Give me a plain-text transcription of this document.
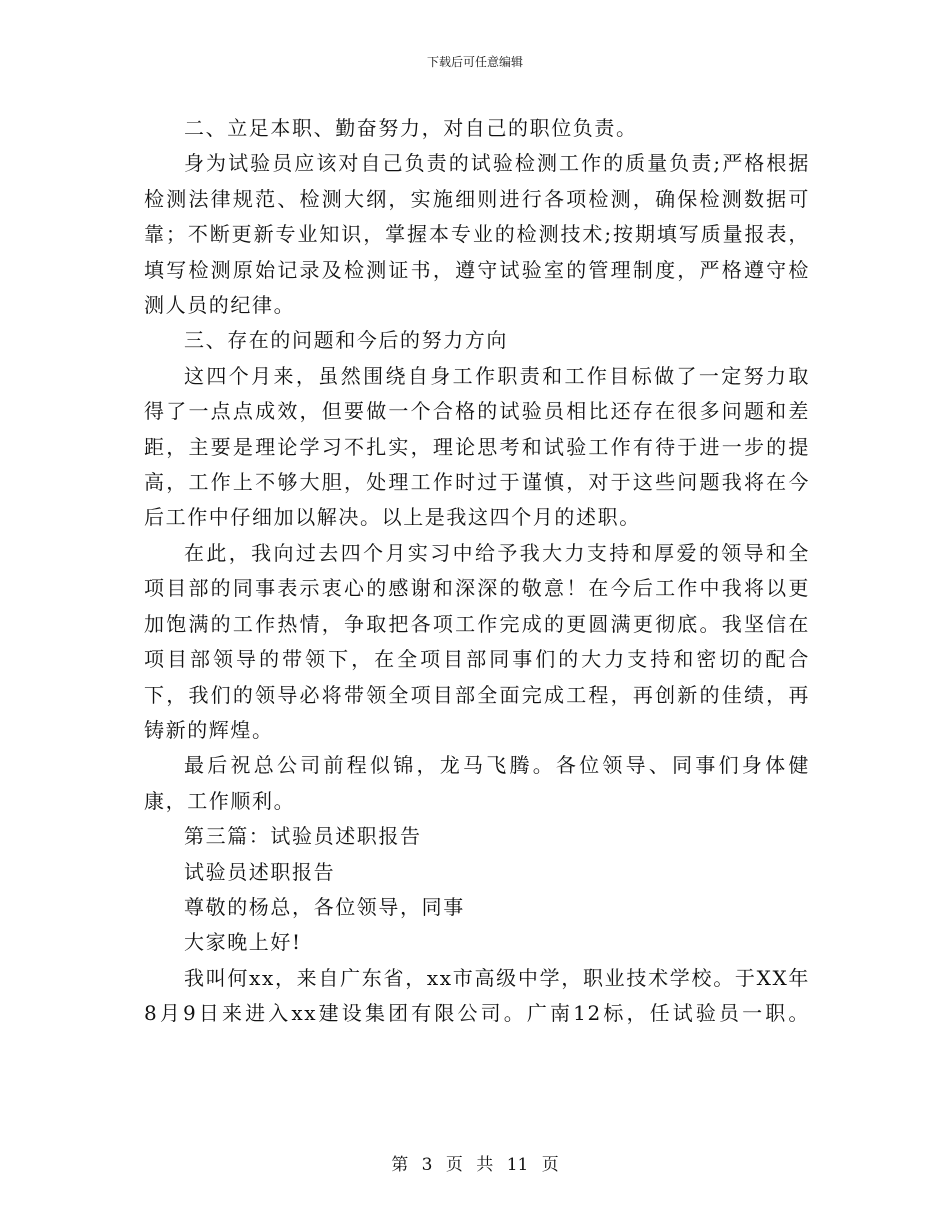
下载后可任意编辑

二、立足本职、勤奋努力，对自己的职位负责。

身为试验员应该对自己负责的试验检测工作的质量负责;严格根据检测法律规范、检测大纲，实施细则进行各项检测，确保检测数据可靠；不断更新专业知识，掌握本专业的检测技术;按期填写质量报表，填写检测原始记录及检测证书，遵守试验室的管理制度，严格遵守检测人员的纪律。

三、存在的问题和今后的努力方向

这四个月来，虽然围绕自身工作职责和工作目标做了一定努力取得了一点点成效，但要做一个合格的试验员相比还存在很多问题和差距，主要是理论学习不扎实，理论思考和试验工作有待于进一步的提高，工作上不够大胆，处理工作时过于谨慎，对于这些问题我将在今后工作中仔细加以解决。以上是我这四个月的述职。

在此，我向过去四个月实习中给予我大力支持和厚爱的领导和全项目部的同事表示衷心的感谢和深深的敬意！在今后工作中我将以更加饱满的工作热情，争取把各项工作完成的更圆满更彻底。我坚信在项目部领导的带领下，在全项目部同事们的大力支持和密切的配合下，我们的领导必将带领全项目部全面完成工程，再创新的佳绩，再铸新的辉煌。

最后祝总公司前程似锦，龙马飞腾。各位领导、同事们身体健康，工作顺利。

第三篇：试验员述职报告

试验员述职报告

尊敬的杨总，各位领导，同事

大家晚上好!

我叫何xx，来自广东省，xx市高级中学，职业技术学校。于XX年8月9日来进入xx建设集团有限公司。广南12标，任试验员一职。

第 3 页 共 11 页
